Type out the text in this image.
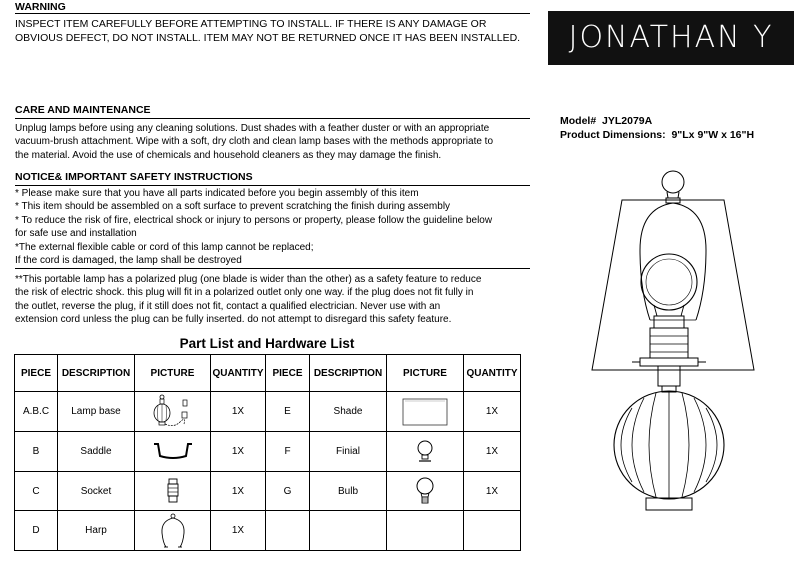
WARNING
INSPECT ITEM CAREFULLY BEFORE ATTEMPTING TO INSTALL. IF THERE IS ANY DAMAGE OR
OBVIOUS DEFECT, DO NOT INSTALL. ITEM MAY NOT BE RETURNED ONCE IT HAS BEEN INSTALLED.	JONATHAN Y
CARE AND MAINTENANCE
Unplug lamps before using any cleaning solutions. Dust shades with a feather duster or with an appropriate
vacuum-brush attachment. Wipe with a soft, dry cloth and clean lamp bases with the methods appropriate to
the material. Avoid the use of chemicals and household cleaners as they may damage the finish.
Model# JYL2079A
Product Dimensions: 9"Lx 9"W x 16"H
NOTICE& IMPORTANT SAFETY INSTRUCTIONS
* Please make sure that you have all parts indicated before you begin assembly of this item
* This item should be assembled on a soft surface to prevent scratching the finish during assembly
* To reduce the risk of fire, electrical shock or injury to persons or property, please follow the guideline below
for safe use and installation
*The external flexible cable or cord of this lamp cannot be replaced;
If the cord is damaged, the lamp shall be destroyed
**This portable lamp has a polarized plug (one blade is wider than the other) as a safety feature to reduce
the risk of electric shock. this plug will fit in a polarized outlet only one way. if the plug does not fit fully in
the outlet, reverse the plug, if it still does not fit, contact a qualified electrician. Never use with an
extension cord unless the plug can be fully inserted. do not attempt to disregard this safety feature.
Part List and Hardware List
PIECE	DESCRIPTION	PICTURE	QUANTITY	PIECE	DESCRIPTION	PICTURE	QUANTITY
A.B.C	Lamp base		1X	E	Shade		1X
B	Saddle		1X	F	Finial		1X
C	Socket		1X	G	Bulb		1X
D	Harp		1X				
